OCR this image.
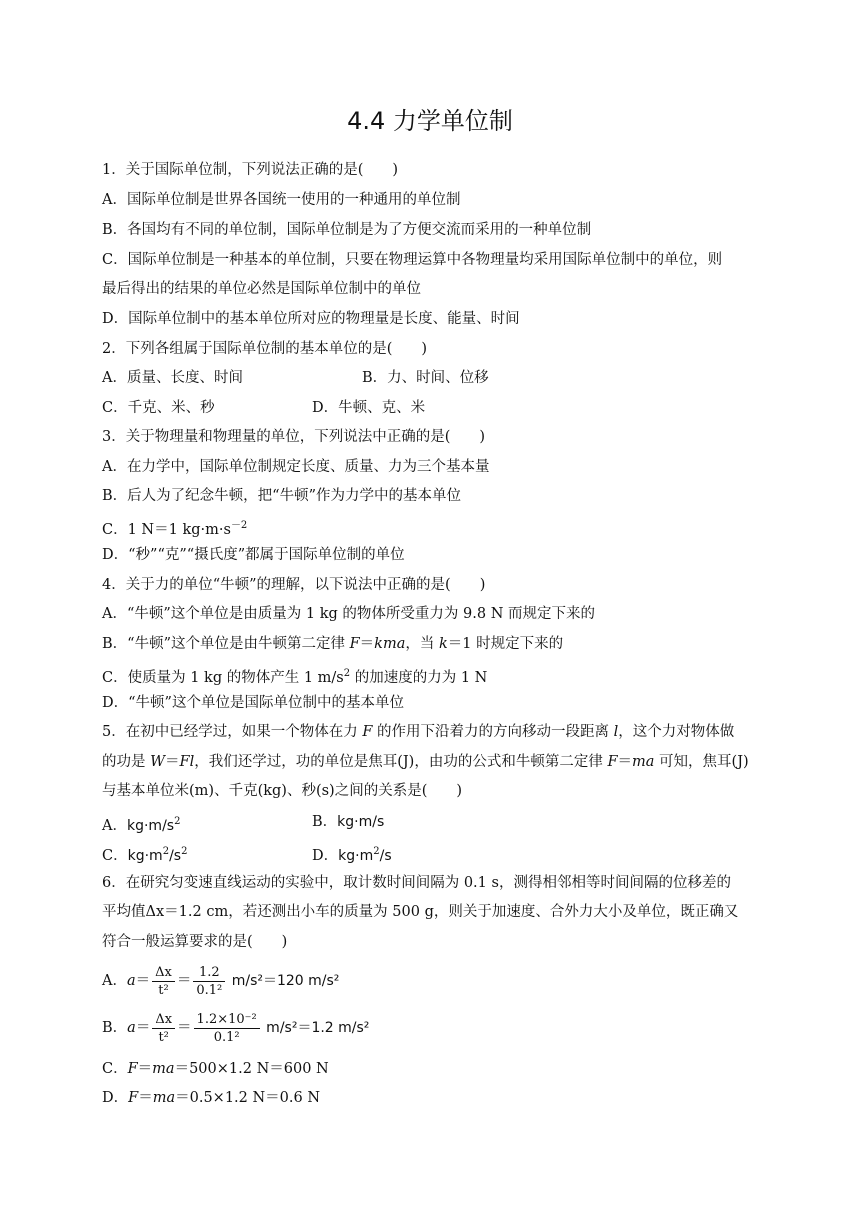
4.4 力学单位制
1．关于国际单位制，下列说法正确的是(　　)
A．国际单位制是世界各国统一使用的一种通用的单位制
B．各国均有不同的单位制，国际单位制是为了方便交流而采用的一种单位制
C．国际单位制是一种基本的单位制，只要在物理运算中各物理量均采用国际单位制中的单位，则
最后得出的结果的单位必然是国际单位制中的单位
D．国际单位制中的基本单位所对应的物理量是长度、能量、时间
2．下列各组属于国际单位制的基本单位的是(　　)
A．质量、长度、时间	B．力、时间、位移
C．千克、米、秒	D．牛顿、克、米
3．关于物理量和物理量的单位，下列说法中正确的是(　　)
A．在力学中，国际单位制规定长度、质量、力为三个基本量
B．后人为了纪念牛顿，把“牛顿”作为力学中的基本单位
C．1 N＝1 $kg\cdot m\cdot s^{-2}$
D．“秒”“克”“摄氏度”都属于国际单位制的单位
4．关于力的单位“牛顿”的理解，以下说法中正确的是(　　)
A．“牛顿”这个单位是由质量为 1 kg 的物体所受重力为 9.8 N 而规定下来的
B．“牛顿”这个单位是由牛顿第二定律 F＝kma，当 k＝1 时规定下来的
C．使质量为 1 kg 的物体产生 1 $m/s^2$ 的加速度的力为 1 N
D．“牛顿”这个单位是国际单位制中的基本单位
5．在初中已经学过，如果一个物体在力 F 的作用下沿着力的方向移动一段距离 l，这个力对物体做
的功是 W＝Fl，我们还学过，功的单位是焦耳(J)，由功的公式和牛顿第二定律 F＝ma 可知，焦耳(J)
与基本单位米(m)、千克(kg)、秒(s)之间的关系是(　　)
A．$kg\cdot m/s^2$	B．kg·m/s
C．$kg\cdot m^2/s^2$	D．$kg\cdot m^2/s$
6．在研究匀变速直线运动的实验中，取计数时间间隔为 0.1 s，测得相邻相等时间间隔的位移差的
平均值Δx＝1.2 cm，若还测出小车的质量为 500 g，则关于加速度、合外力大小及单位，既正确又
符合一般运算要求的是(　　)
A．$a= \frac{\Delta x}{\text{t²}} = \frac{1.2}{\text{0.1²}} m/s^2=120$ m/s²
B．$a= \frac{\Delta x}{\text{t²}} = \frac{\text{1.2×10⁻²}}{\text{0.1²}} m/s^2=1.2$ m/s²
C．F＝ma＝500×1.2 N＝600 N
D．F＝ma＝0.5×1.2 N＝0.6 N
